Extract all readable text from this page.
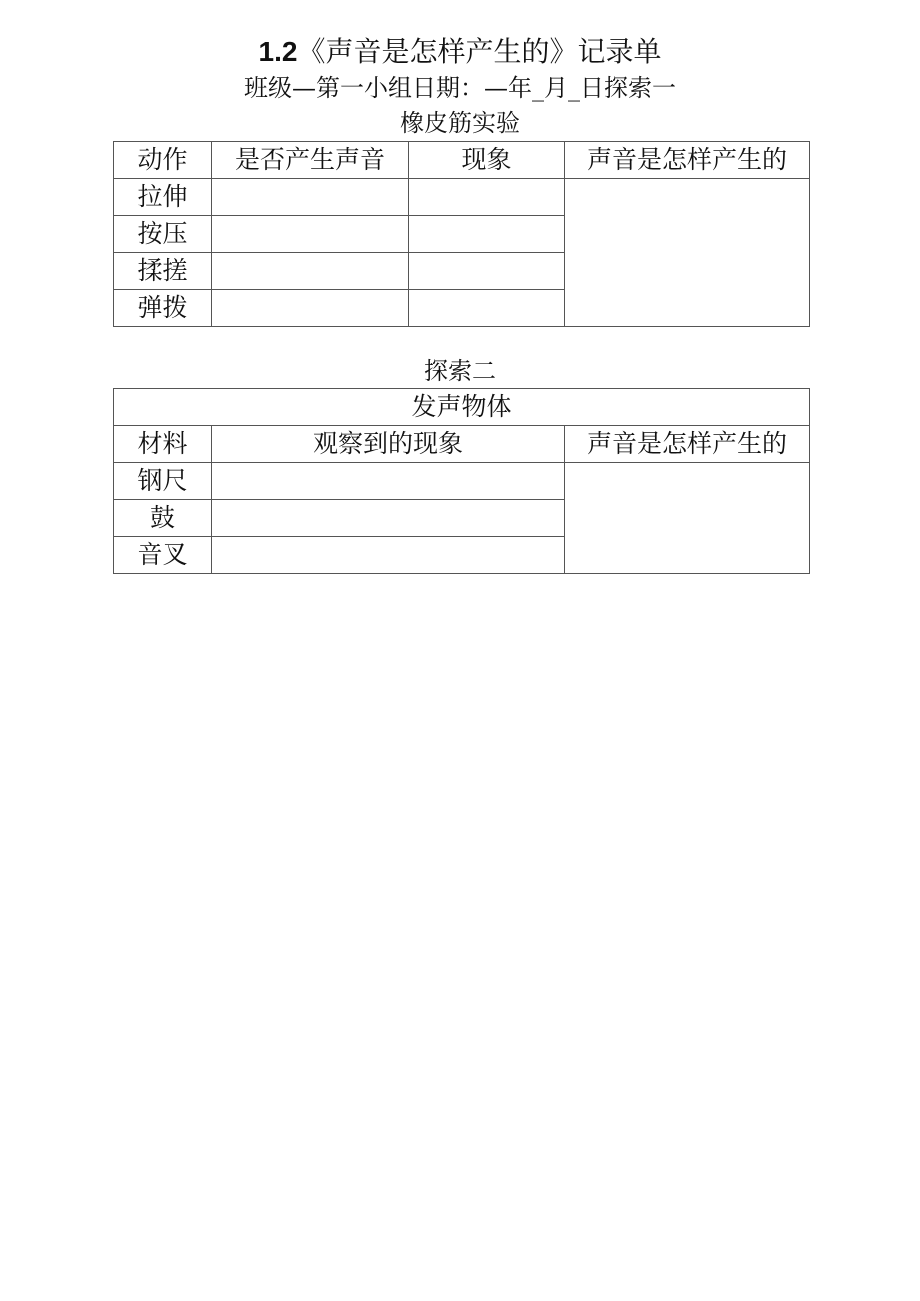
1.2《声音是怎样产生的》记录单
班级—第一小组日期：—年_月_日探索一
橡皮筋实验
动作	是否产生声音	现象	声音是怎样产生的
拉伸			
按压			
揉搓			
弹拨			
探索二
发声物体		
材料	观察到的现象	声音是怎样产生的
钢尺		
鼓		
音叉		
